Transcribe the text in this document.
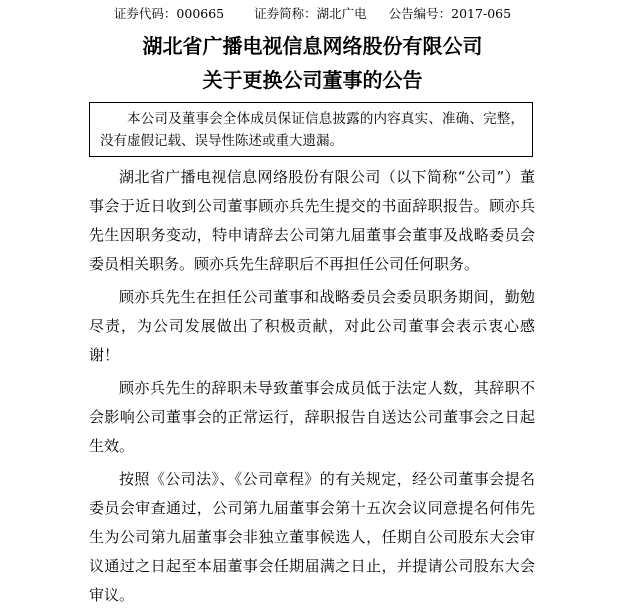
证券代码：000665 证券简称：湖北广电 公告编号：2017-065
湖北省广播电视信息网络股份有限公司
关于更换公司董事的公告
本公司及董事会全体成员保证信息披露的内容真实、准确、完整，没有虚假记载、误导性陈述或重大遗漏。

湖北省广播电视信息网络股份有限公司（以下简称“公司”）董事会于近日收到公司董事顾亦兵先生提交的书面辞职报告。顾亦兵先生因职务变动，特申请辞去公司第九届董事会董事及战略委员会委员相关职务。顾亦兵先生辞职后不再担任公司任何职务。

顾亦兵先生在担任公司董事和战略委员会委员职务期间，勤勉尽责，为公司发展做出了积极贡献，对此公司董事会表示衷心感谢！

顾亦兵先生的辞职未导致董事会成员低于法定人数，其辞职不会影响公司董事会的正常运行，辞职报告自送达公司董事会之日起生效。

按照《公司法》、《公司章程》的有关规定，经公司董事会提名委员会审查通过，公司第九届董事会第十五次会议同意提名何伟先生为公司第九届董事会非独立董事候选人，任期自公司股东大会审议通过之日起至本届董事会任期届满之日止，并提请公司股东大会审议。
